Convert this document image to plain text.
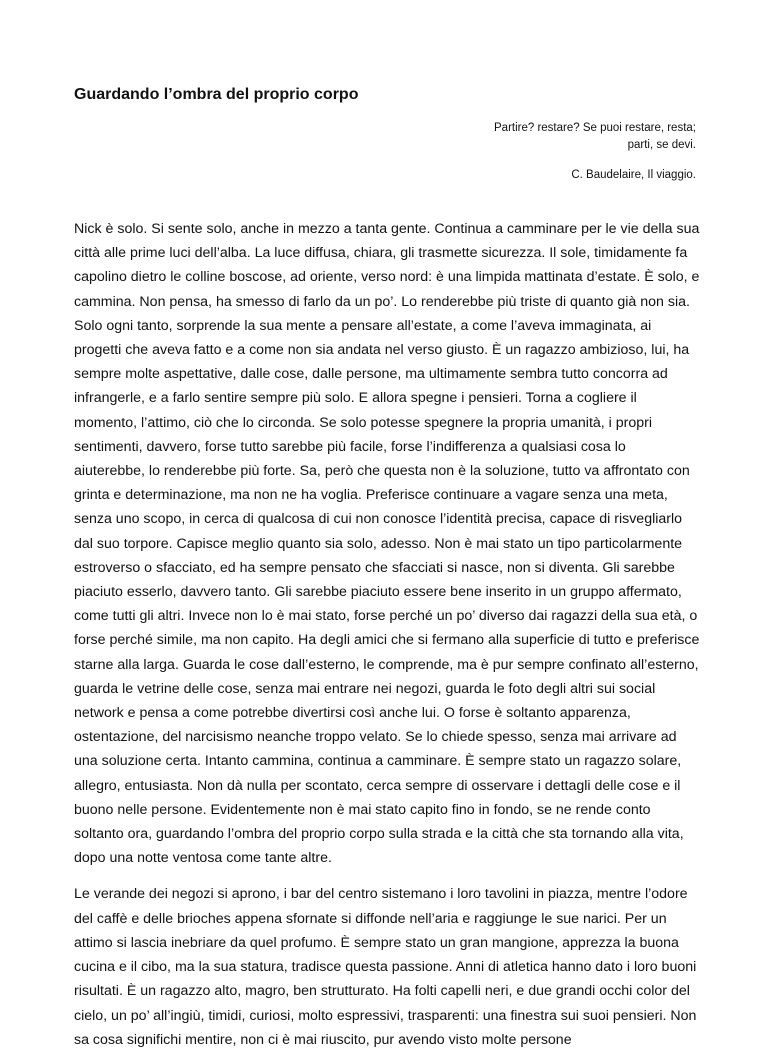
Guardando l’ombra del proprio corpo

Partire? restare? Se puoi restare, resta;

parti, se devi.

C. Baudelaire, Il viaggio.

Nick è solo. Si sente solo, anche in mezzo a tanta gente. Continua a camminare per le vie della sua città alle prime luci dell’alba. La luce diffusa, chiara, gli trasmette sicurezza. Il sole, timidamente fa capolino dietro le colline boscose, ad oriente, verso nord: è una limpida mattinata d’estate. È solo, e cammina. Non pensa, ha smesso di farlo da un po’. Lo renderebbe più triste di quanto già non sia. Solo ogni tanto, sorprende la sua mente a pensare all’estate, a come l’aveva immaginata, ai progetti che aveva fatto e a come non sia andata nel verso giusto. È un ragazzo ambizioso, lui, ha sempre molte aspettative, dalle cose, dalle persone, ma ultimamente sembra tutto concorra ad infrangerle, e a farlo sentire sempre più solo. E allora spegne i pensieri. Torna a cogliere il momento, l’attimo, ciò che lo circonda. Se solo potesse spegnere la propria umanità, i propri sentimenti, davvero, forse tutto sarebbe più facile, forse l’indifferenza a qualsiasi cosa lo aiuterebbe, lo renderebbe più forte. Sa, però che questa non è la soluzione, tutto va affrontato con grinta e determinazione, ma non ne ha voglia. Preferisce continuare a vagare senza una meta, senza uno scopo, in cerca di qualcosa di cui non conosce l’identità precisa, capace di risvegliarlo dal suo torpore. Capisce meglio quanto sia solo, adesso. Non è mai stato un tipo particolarmente estroverso o sfacciato, ed ha sempre pensato che sfacciati si nasce, non si diventa. Gli sarebbe piaciuto esserlo, davvero tanto. Gli sarebbe piaciuto essere bene inserito in un gruppo affermato, come tutti gli altri. Invece non lo è mai stato, forse perché un po’ diverso dai ragazzi della sua età, o forse perché simile, ma non capito. Ha degli amici che si fermano alla superficie di tutto e preferisce starne alla larga. Guarda le cose dall’esterno, le comprende, ma è pur sempre confinato all’esterno, guarda le vetrine delle cose, senza mai entrare nei negozi, guarda le foto degli altri sui social network e pensa a come potrebbe divertirsi così anche lui. O forse è soltanto apparenza, ostentazione, del narcisismo neanche troppo velato. Se lo chiede spesso, senza mai arrivare ad una soluzione certa. Intanto cammina, continua a camminare. È sempre stato un ragazzo solare, allegro, entusiasta. Non dà nulla per scontato, cerca sempre di osservare i dettagli delle cose e il buono nelle persone. Evidentemente non è mai stato capito fino in fondo, se ne rende conto soltanto ora, guardando l’ombra del proprio corpo sulla strada e la città che sta tornando alla vita, dopo una notte ventosa come tante altre.

Le verande dei negozi si aprono, i bar del centro sistemano i loro tavolini in piazza, mentre l’odore del caffè e delle brioches appena sfornate si diffonde nell’aria e raggiunge le sue narici. Per un attimo si lascia inebriare da quel profumo. È sempre stato un gran mangione, apprezza la buona cucina e il cibo, ma la sua statura, tradisce questa passione. Anni di atletica hanno dato i loro buoni risultati. È un ragazzo alto, magro, ben strutturato. Ha folti capelli neri, e due grandi occhi color del cielo, un po’ all’ingiù, timidi, curiosi, molto espressivi, trasparenti: una finestra sui suoi pensieri. Non sa cosa significhi mentire, non ci è mai riuscito, pur avendo visto molte persone
